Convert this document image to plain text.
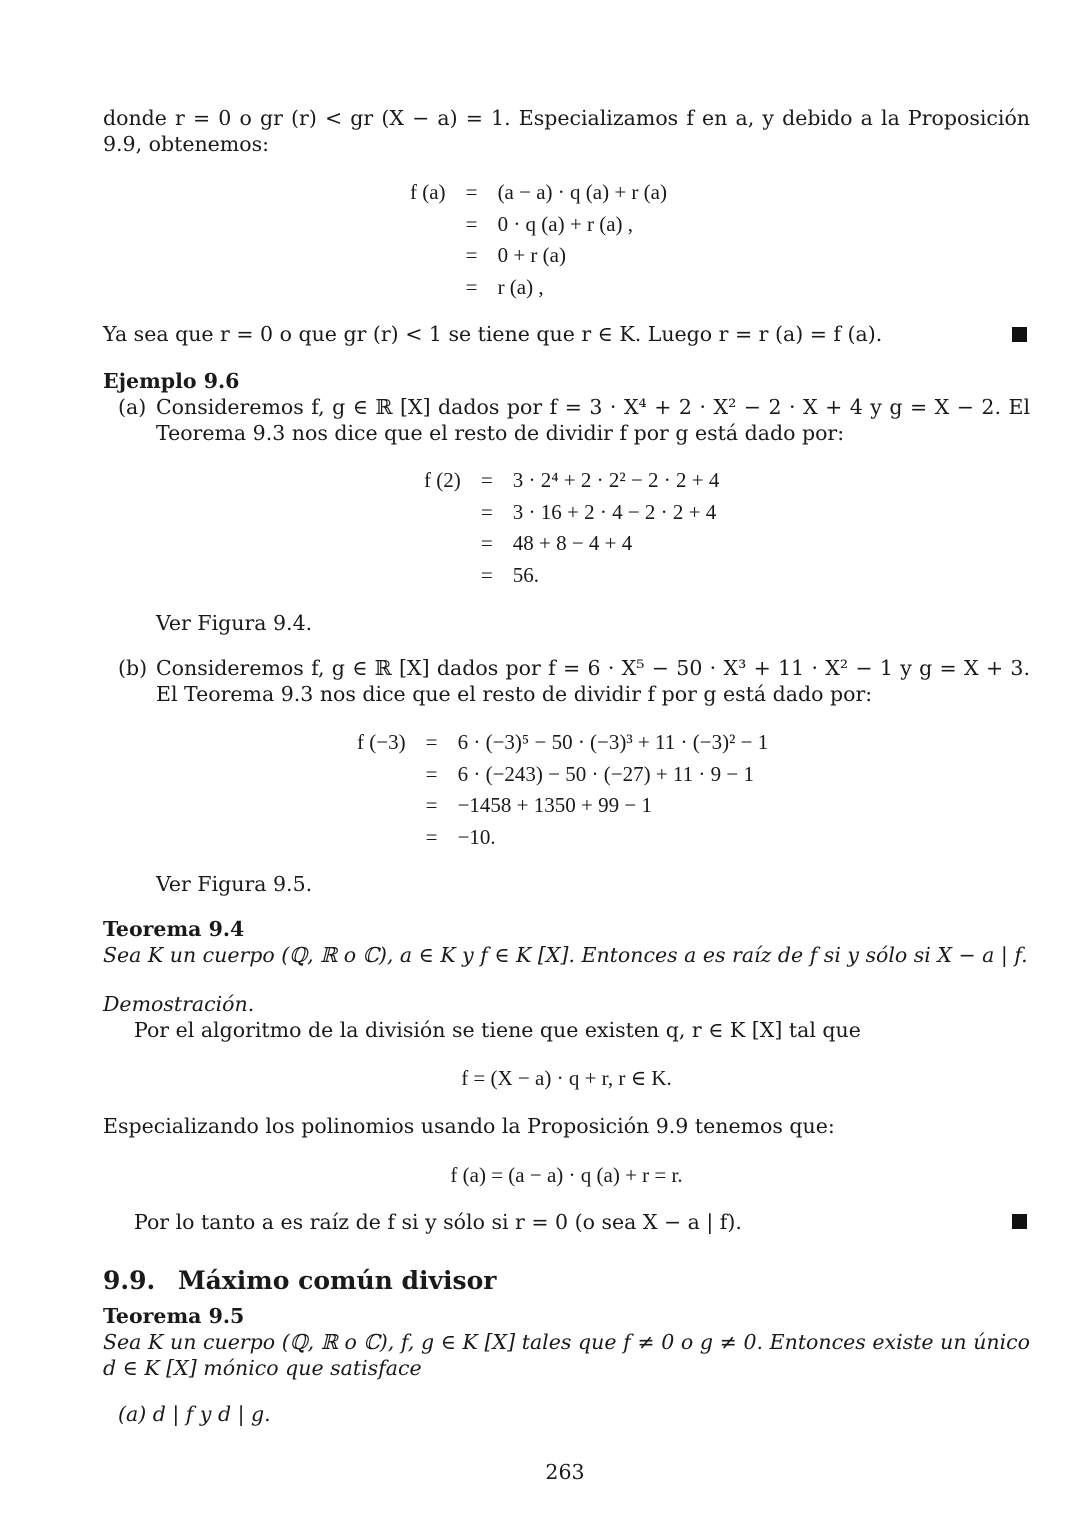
donde r = 0 o gr (r) < gr (X − a) = 1. Especializamos f en a, y debido a la Proposición 9.9, obtenemos:
f (a) = (a − a) · q (a) + r (a)
= 0 · q (a) + r (a) ,
= 0 + r (a)
= r (a) ,
Ya sea que r = 0 o que gr (r) < 1 se tiene que r ∈ K. Luego r = r (a) = f (a).
Ejemplo 9.6
(a) Consideremos f, g ∈ ℝ [X] dados por f = 3 · X⁴ + 2 · X² − 2 · X + 4 y g = X − 2. El Teorema 9.3 nos dice que el resto de dividir f por g está dado por:
f (2) = 3 · 2⁴ + 2 · 2² − 2 · 2 + 4
= 3 · 16 + 2 · 4 − 2 · 2 + 4
= 48 + 8 − 4 + 4
= 56.
Ver Figura 9.4.
(b) Consideremos f, g ∈ ℝ [X] dados por f = 6 · X⁵ − 50 · X³ + 11 · X² − 1 y g = X + 3. El Teorema 9.3 nos dice que el resto de dividir f por g está dado por:
f (−3) = 6 · (−3)⁵ − 50 · (−3)³ + 11 · (−3)² − 1
= 6 · (−243) − 50 · (−27) + 11 · 9 − 1
= −1458 + 1350 + 99 − 1
= −10.
Ver Figura 9.5.
Teorema 9.4
Sea K un cuerpo (ℚ, ℝ o ℂ), a ∈ K y f ∈ K [X]. Entonces a es raíz de f si y sólo si X − a | f.
Demostración.
Por el algoritmo de la división se tiene que existen q, r ∈ K [X] tal que
f = (X − a) · q + r, r ∈ K.
Especializando los polinomios usando la Proposición 9.9 tenemos que:
f (a) = (a − a) · q (a) + r = r.
Por lo tanto a es raíz de f si y sólo si r = 0 (o sea X − a | f).
9.9. Máximo común divisor
Teorema 9.5
Sea K un cuerpo (ℚ, ℝ o ℂ), f, g ∈ K [X] tales que f ≠ 0 o g ≠ 0. Entonces existe un único d ∈ K [X] mónico que satisface
(a) d | f y d | g.
263
